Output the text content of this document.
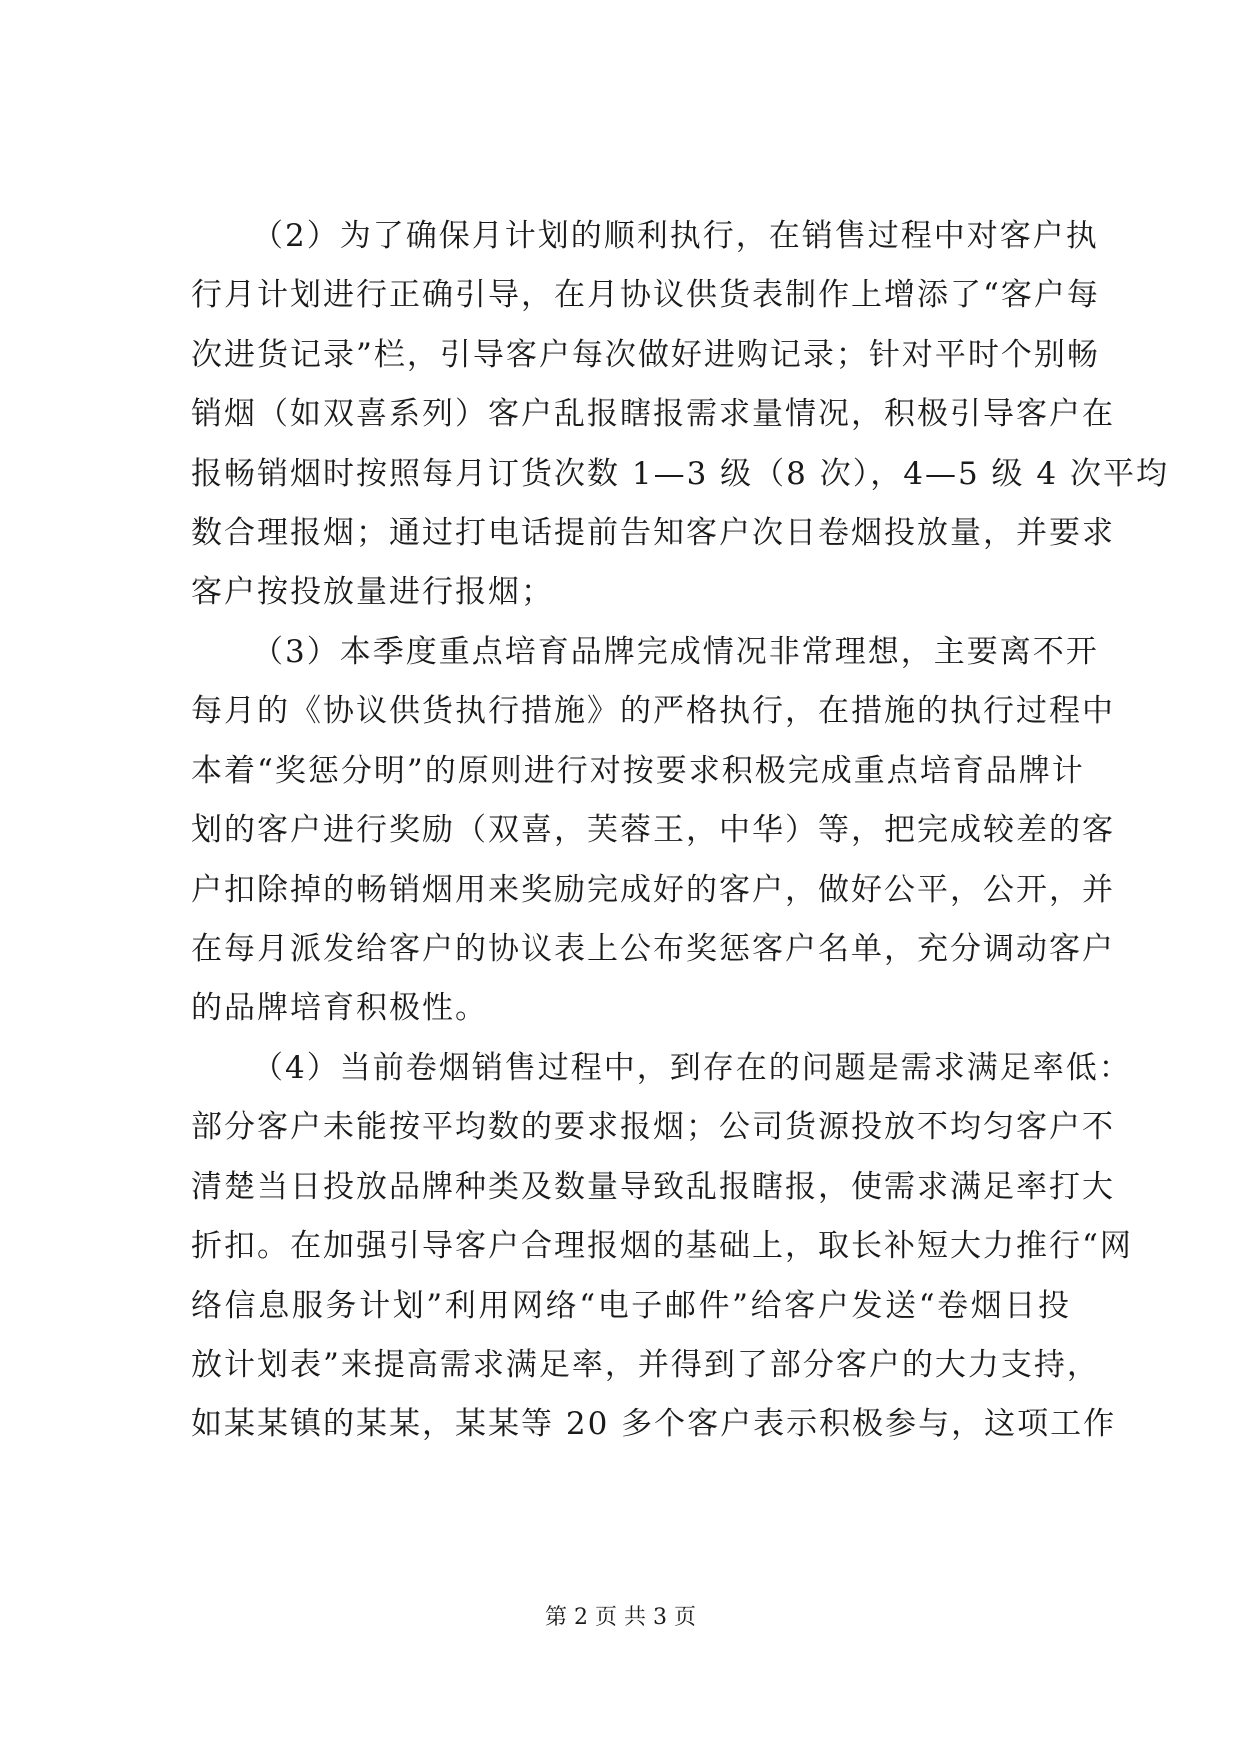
（2）为了确保月计划的顺利执行，在销售过程中对客户执
行月计划进行正确引导，在月协议供货表制作上增添了“客户每
次进货记录”栏，引导客户每次做好进购记录；针对平时个别畅
销烟（如双喜系列）客户乱报瞎报需求量情况，积极引导客户在
报畅销烟时按照每月订货次数 1—3 级（8 次），4—5 级 4 次平均
数合理报烟；通过打电话提前告知客户次日卷烟投放量，并要求
客户按投放量进行报烟；
（3）本季度重点培育品牌完成情况非常理想，主要离不开
每月的《协议供货执行措施》的严格执行，在措施的执行过程中
本着“奖惩分明”的原则进行对按要求积极完成重点培育品牌计
划的客户进行奖励（双喜，芙蓉王，中华）等，把完成较差的客
户扣除掉的畅销烟用来奖励完成好的客户，做好公平，公开，并
在每月派发给客户的协议表上公布奖惩客户名单，充分调动客户
的品牌培育积极性。
（4）当前卷烟销售过程中，到存在的问题是需求满足率低：
部分客户未能按平均数的要求报烟；公司货源投放不均匀客户不
清楚当日投放品牌种类及数量导致乱报瞎报，使需求满足率打大
折扣。在加强引导客户合理报烟的基础上，取长补短大力推行“网
络信息服务计划”利用网络“电子邮件”给客户发送“卷烟日投
放计划表”来提高需求满足率，并得到了部分客户的大力支持，
如某某镇的某某，某某等 20 多个客户表示积极参与，这项工作
第 2 页 共 3 页
